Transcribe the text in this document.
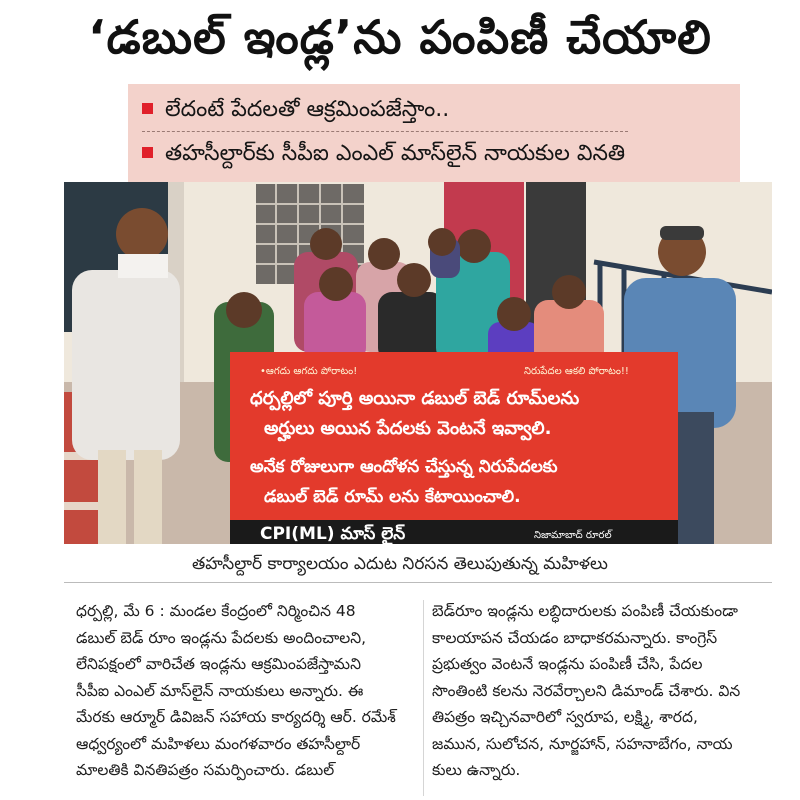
‘డబుల్ ఇండ్ల’ను పంపిణీ చేయాలి
లేదంటే పేదలతో ఆక్రమింపజేస్తాం..
తహసీల్దార్‌కు సీపీఐ ఎంఎల్ మాస్‌లైన్ నాయకుల వినతి
•ఆగదు ఆగదు పోరాటం!	నిరుపేదల ఆకలి పోరాటం!!
ధర్పల్లిలో పూర్తి అయినా డబుల్ బెడ్ రూమ్‌లను
అర్హులు అయిన పేదలకు వెంటనే ఇవ్వాలి.
అనేక రోజులుగా ఆందోళన చేస్తున్న నిరుపేదలకు
డబుల్ బెడ్ రూమ్ లను కేటాయించాలి.
CPI(ML) మాస్ లైన్	నిజామాబాద్ రూరల్
తహసీల్దార్ కార్యాలయం ఎదుట నిరసన తెలుపుతున్న మహిళలు
ధర్పల్లి, మే 6 : మండల కేంద్రంలో నిర్మించిన 48
డబుల్ బెడ్ రూం ఇండ్లను పేదలకు అందించాలని,
లేనిపక్షంలో వారిచేత ఇండ్లను ఆక్రమింపజేస్తామని
సీపీఐ ఎంఎల్ మాస్‌లైన్ నాయకులు అన్నారు. ఈ
మేరకు ఆర్మూర్ డివిజన్ సహాయ కార్యదర్శి ఆర్. రమేశ్
ఆధ్వర్యంలో మహిళలు మంగళవారం తహసీల్దార్
మాలతికి వినతిపత్రం సమర్పించారు. డబుల్
బెడ్‌రూం ఇండ్లను లబ్ధిదారులకు పంపిణీ చేయకుండా
కాలయాపన చేయడం బాధాకరమన్నారు. కాంగ్రెస్
ప్రభుత్వం వెంటనే ఇండ్లను పంపిణీ చేసి, పేదల
సొంతింటి కలను నెరవేర్చాలని డిమాండ్ చేశారు. విన
తిపత్రం ఇచ్చినవారిలో స్వరూప, లక్ష్మి, శారద,
జమున, సులోచన, నూర్జహాన్, సహనాబేగం, నాయ
కులు ఉన్నారు.
